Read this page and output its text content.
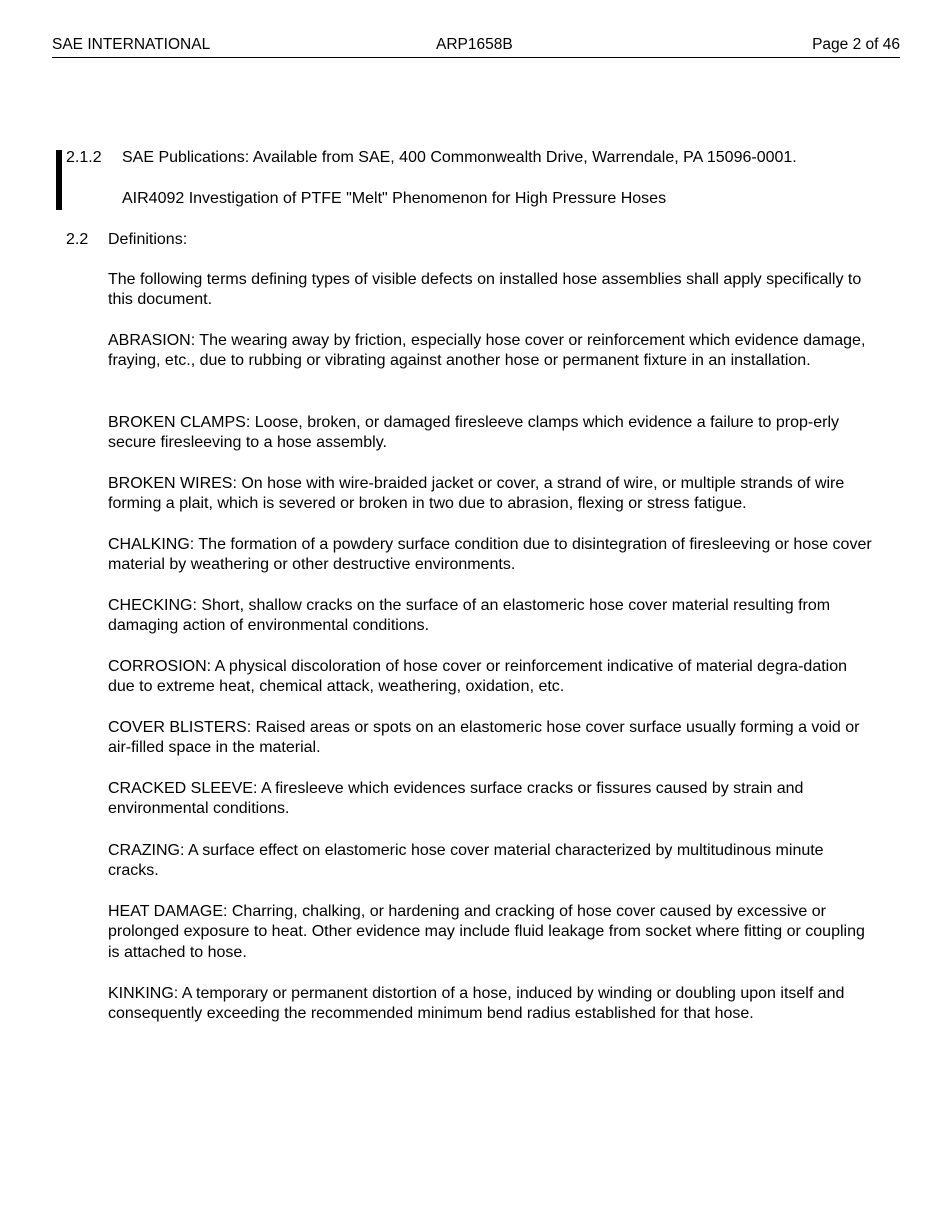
SAE INTERNATIONAL	ARP1658B	Page 2 of 46

2.1.2 SAE Publications: Available from SAE, 400 Commonwealth Drive, Warrendale, PA 15096-0001.

AIR4092 Investigation of PTFE "Melt" Phenomenon for High Pressure Hoses

2.2 Definitions:

The following terms defining types of visible defects on installed hose assemblies shall apply specifically to this document.

ABRASION: The wearing away by friction, especially hose cover or reinforcement which evidence damage, fraying, etc., due to rubbing or vibrating against another hose or permanent fixture in an installation.

BROKEN CLAMPS: Loose, broken, or damaged firesleeve clamps which evidence a failure to prop-erly secure firesleeving to a hose assembly.

BROKEN WIRES: On hose with wire-braided jacket or cover, a strand of wire, or multiple strands of wire forming a plait, which is severed or broken in two due to abrasion, flexing or stress fatigue.

CHALKING: The formation of a powdery surface condition due to disintegration of firesleeving or hose cover material by weathering or other destructive environments.

CHECKING: Short, shallow cracks on the surface of an elastomeric hose cover material resulting from damaging action of environmental conditions.

CORROSION: A physical discoloration of hose cover or reinforcement indicative of material degra-dation due to extreme heat, chemical attack, weathering, oxidation, etc.

COVER BLISTERS: Raised areas or spots on an elastomeric hose cover surface usually forming a void or air-filled space in the material.

CRACKED SLEEVE: A firesleeve which evidences surface cracks or fissures caused by strain and environmental conditions.

CRAZING: A surface effect on elastomeric hose cover material characterized by multitudinous minute cracks.

HEAT DAMAGE: Charring, chalking, or hardening and cracking of hose cover caused by excessive or prolonged exposure to heat. Other evidence may include fluid leakage from socket where fitting or coupling is attached to hose.

KINKING: A temporary or permanent distortion of a hose, induced by winding or doubling upon itself and consequently exceeding the recommended minimum bend radius established for that hose.
